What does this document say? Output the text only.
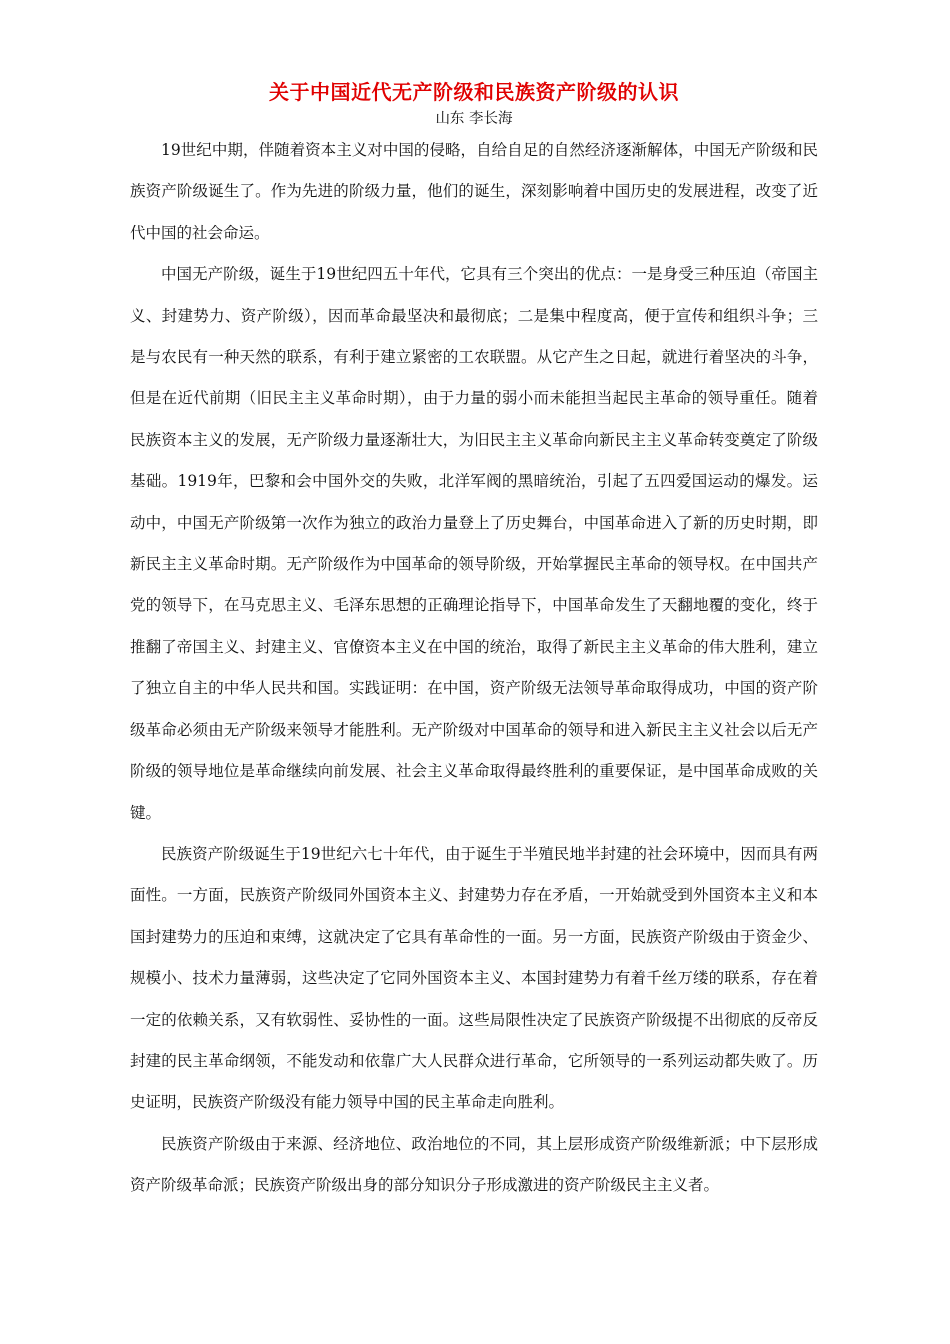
关于中国近代无产阶级和民族资产阶级的认识

山东 李长海

19世纪中期，伴随着资本主义对中国的侵略，自给自足的自然经济逐渐解体，中国无产阶级和民族资产阶级诞生了。作为先进的阶级力量，他们的诞生，深刻影响着中国历史的发展进程，改变了近代中国的社会命运。

中国无产阶级，诞生于19世纪四五十年代，它具有三个突出的优点：一是身受三种压迫（帝国主义、封建势力、资产阶级），因而革命最坚决和最彻底；二是集中程度高，便于宣传和组织斗争；三是与农民有一种天然的联系，有利于建立紧密的工农联盟。从它产生之日起，就进行着坚决的斗争，但是在近代前期（旧民主主义革命时期），由于力量的弱小而未能担当起民主革命的领导重任。随着民族资本主义的发展，无产阶级力量逐渐壮大，为旧民主主义革命向新民主主义革命转变奠定了阶级基础。1919年，巴黎和会中国外交的失败，北洋军阀的黑暗统治，引起了五四爱国运动的爆发。运动中，中国无产阶级第一次作为独立的政治力量登上了历史舞台，中国革命进入了新的历史时期，即新民主主义革命时期。无产阶级作为中国革命的领导阶级，开始掌握民主革命的领导权。在中国共产党的领导下，在马克思主义、毛泽东思想的正确理论指导下，中国革命发生了天翻地覆的变化，终于推翻了帝国主义、封建主义、官僚资本主义在中国的统治，取得了新民主主义革命的伟大胜利，建立了独立自主的中华人民共和国。实践证明：在中国，资产阶级无法领导革命取得成功，中国的资产阶级革命必须由无产阶级来领导才能胜利。无产阶级对中国革命的领导和进入新民主主义社会以后无产阶级的领导地位是革命继续向前发展、社会主义革命取得最终胜利的重要保证，是中国革命成败的关键。

民族资产阶级诞生于19世纪六七十年代，由于诞生于半殖民地半封建的社会环境中，因而具有两面性。一方面，民族资产阶级同外国资本主义、封建势力存在矛盾，一开始就受到外国资本主义和本国封建势力的压迫和束缚，这就决定了它具有革命性的一面。另一方面，民族资产阶级由于资金少、规模小、技术力量薄弱，这些决定了它同外国资本主义、本国封建势力有着千丝万缕的联系，存在着一定的依赖关系，又有软弱性、妥协性的一面。这些局限性决定了民族资产阶级提不出彻底的反帝反封建的民主革命纲领，不能发动和依靠广大人民群众进行革命，它所领导的一系列运动都失败了。历史证明，民族资产阶级没有能力领导中国的民主革命走向胜利。

民族资产阶级由于来源、经济地位、政治地位的不同，其上层形成资产阶级维新派；中下层形成资产阶级革命派；民族资产阶级出身的部分知识分子形成激进的资产阶级民主主义者。
